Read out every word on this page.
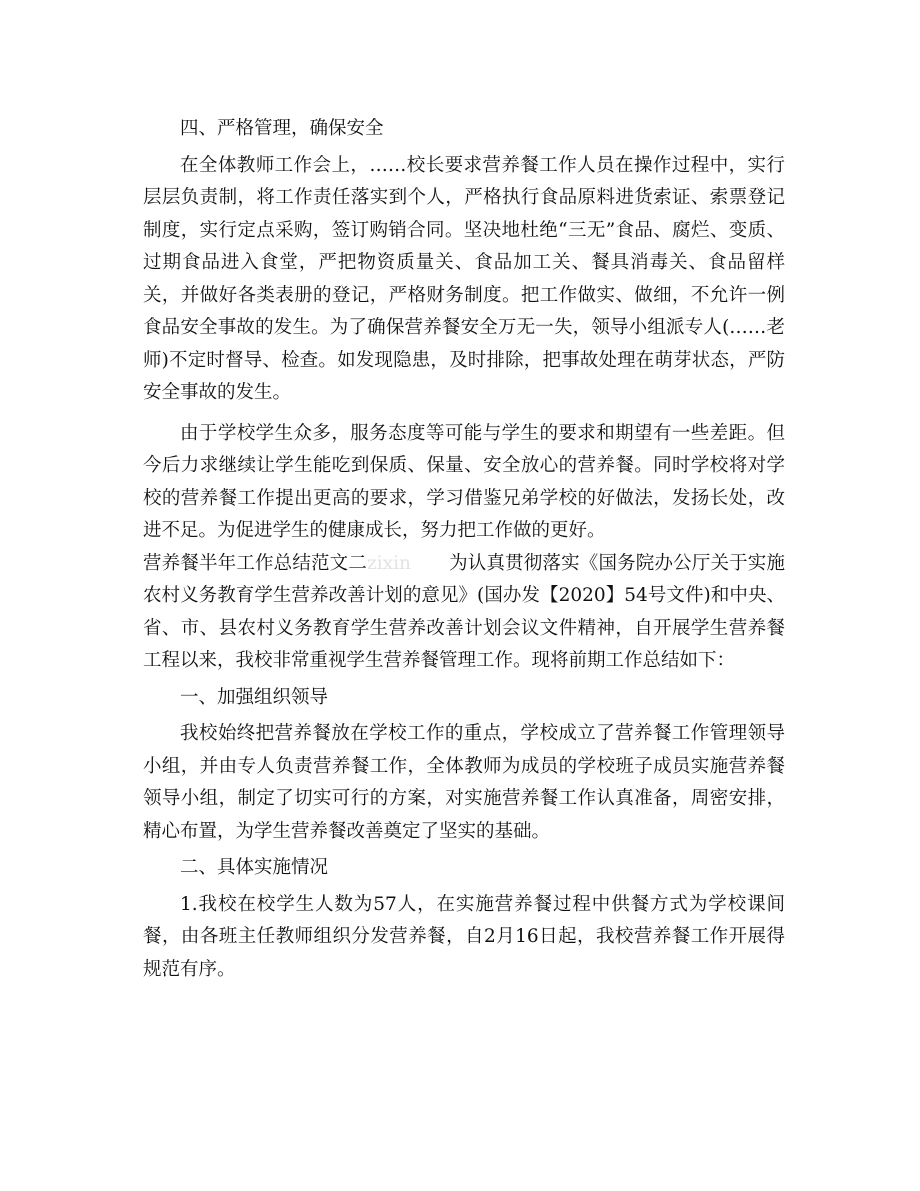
四、严格管理，确保安全

在全体教师工作会上，……校长要求营养餐工作人员在操作过程中，实行层层负责制，将工作责任落实到个人，严格执行食品原料进货索证、索票登记制度，实行定点采购，签订购销合同。坚决地杜绝“三无”食品、腐烂、变质、过期食品进入食堂，严把物资质量关、食品加工关、餐具消毒关、食品留样关，并做好各类表册的登记，严格财务制度。把工作做实、做细，不允许一例食品安全事故的发生。为了确保营养餐安全万无一失，领导小组派专人(……老师)不定时督导、检查。如发现隐患，及时排除，把事故处理在萌芽状态，严防安全事故的发生。

由于学校学生众多，服务态度等可能与学生的要求和期望有一些差距。但今后力求继续让学生能吃到保质、保量、安全放心的营养餐。同时学校将对学校的营养餐工作提出更高的要求，学习借鉴兄弟学校的好做法，发扬长处，改进不足。为促进学生的健康成长，努力把工作做的更好。

营养餐半年工作总结范文二zixin 为认真贯彻落实《国务院办公厅关于实施农村义务教育学生营养改善计划的意见》(国办发【2020】54号文件)和中央、省、市、县农村义务教育学生营养改善计划会议文件精神，自开展学生营养餐工程以来，我校非常重视学生营养餐管理工作。现将前期工作总结如下：

一、加强组织领导

我校始终把营养餐放在学校工作的重点，学校成立了营养餐工作管理领导小组，并由专人负责营养餐工作，全体教师为成员的学校班子成员实施营养餐领导小组，制定了切实可行的方案，对实施营养餐工作认真准备，周密安排，精心布置，为学生营养餐改善奠定了坚实的基础。

二、具体实施情况

1.我校在校学生人数为57人，在实施营养餐过程中供餐方式为学校课间餐，由各班主任教师组织分发营养餐，自2月16日起，我校营养餐工作开展得规范有序。
